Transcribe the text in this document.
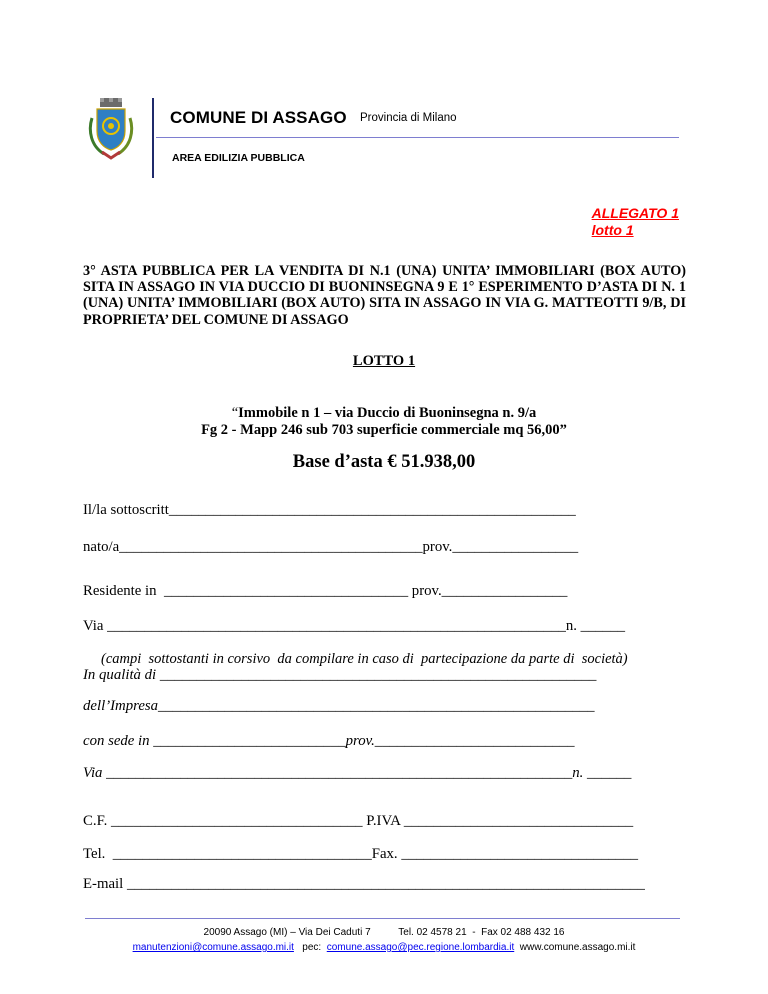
COMUNE DI ASSAGO Provincia di Milano
AREA EDILIZIA PUBBLICA
ALLEGATO 1
lotto 1
3° ASTA PUBBLICA PER LA VENDITA DI N.1 (UNA) UNITA’ IMMOBILIARI (BOX AUTO) SITA IN ASSAGO IN VIA DUCCIO DI BUONINSEGNA 9 E 1° ESPERIMENTO D’ASTA DI N. 1 (UNA) UNITA’ IMMOBILIARI (BOX AUTO) SITA IN ASSAGO IN VIA G. MATTEOTTI 9/B, DI PROPRIETA’ DEL COMUNE DI ASSAGO
LOTTO 1
“Immobile n 1 – via Duccio di Buoninsegna n. 9/a
Fg 2 - Mapp 246 sub 703 superficie commerciale mq 56,00”
Base d’asta € 51.938,00
Il/la sottoscritt_______________________________________________________
nato/a_________________________________________prov._________________
Residente in  _________________________________ prov._________________
Via ______________________________________________________________n. ______
(campi  sottostanti in corsivo  da compilare in caso di  partecipazione da parte di  società)
In qualità di ___________________________________________________________
dell’Impresa___________________________________________________________
con sede in __________________________prov.___________________________
Via _______________________________________________________________n. ______
C.F. __________________________________ P.IVA _______________________________
Tel.  ___________________________________Fax. ________________________________
E-mail ______________________________________________________________________
20090 Assago (MI) – Via Dei Caduti 7          Tel. 02 4578 21  -  Fax 02 488 432 16
manutenzioni@comune.assago.mi.it pec: comune.assago@pec.regione.lombardia.it www.comune.assago.mi.it
